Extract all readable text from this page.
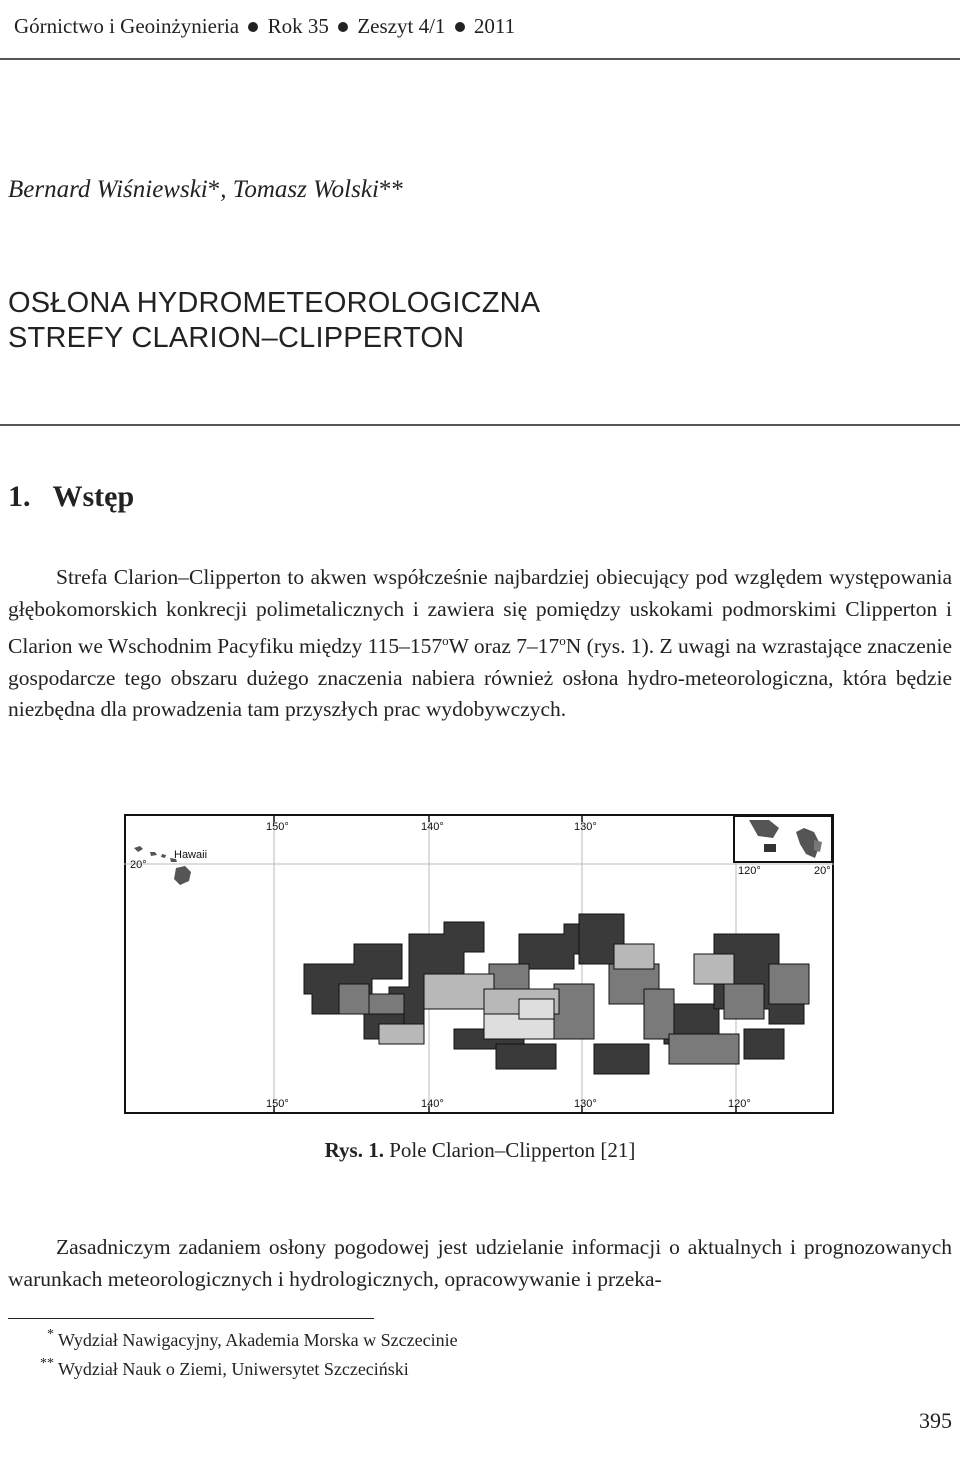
Górnictwo i Geoinżynieria Rok 35 Zeszyt 4/1 2011
Bernard Wiśniewski*, Tomasz Wolski**
OSŁONA HYDROMETEOROLOGICZNA
STREFY CLARION–CLIPPERTON
1. Wstęp

Strefa Clarion–Clipperton to akwen współcześnie najbardziej obiecujący pod względem występowania głębokomorskich konkrecji polimetalicznych i zawiera się pomiędzy uskokami podmorskimi Clipperton i Clarion we Wschodnim Pacyfiku między 115–157$^o$W oraz 7–17$^o$N (rys. 1). Z uwagi na wzrastające znaczenie gospodarcze tego obszaru dużego znaczenia nabiera również osłona hydro-meteorologiczna, która będzie niezbędna dla prowadzenia tam przyszłych prac wydobywczych.

150°	140°	130°
150°	140°	130°	120°
20°	120°	20°
Hawaii
Rys. 1. Pole Clarion–Clipperton [21]

Zasadniczym zadaniem osłony pogodowej jest udzielanie informacji o aktualnych i prognozowanych warunkach meteorologicznych i hydrologicznych, opracowywanie i przeka-

* Wydział Nawigacyjny, Akademia Morska w Szczecinie
** Wydział Nauk o Ziemi, Uniwersytet Szczeciński
395
